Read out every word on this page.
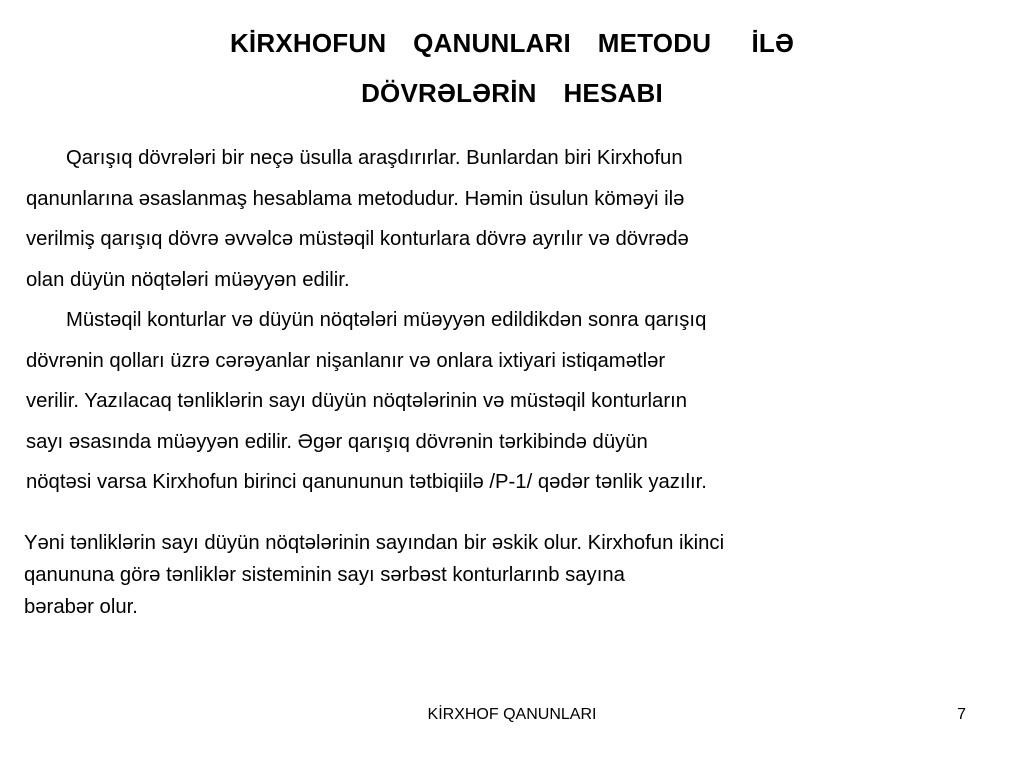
KİRXHOFUN  QANUNLARI  METODU   İLƏ
DÖVRƏLƏRİN  HESABI
Qarışıq dövrələri bir neçə üsulla araşdırırlar. Bunlardan biri Kirxhofun
qanunlarına əsaslanmaş hesablama metodudur. Həmin üsulun köməyi ilə
verilmiş qarışıq dövrə əvvəlcə müstəqil konturlara dövrə ayrılır və dövrədə
olan düyün nöqtələri müəyyən edilir.
Müstəqil konturlar və düyün nöqtələri müəyyən edildikdən sonra qarışıq
dövrənin qolları üzrə cərəyanlar nişanlanır və onlara ixtiyari istiqamətlər
verilir. Yazılacaq tənliklərin sayı düyün nöqtələrinin və müstəqil konturların
sayı əsasında müəyyən edilir. Əgər qarışıq dövrənin tərkibində düyün
nöqtəsi varsa Kirxhofun birinci qanununun tətbiqiilə /P-1/ qədər tənlik yazılır.
Yəni tənliklərin sayı düyün nöqtələrinin sayından bir əskik olur. Kirxhofun ikinci
qanununa görə tənliklər sisteminin sayı sərbəst konturlarınb sayına
bərabər olur.
KİRXHOF QANUNLARI	7
